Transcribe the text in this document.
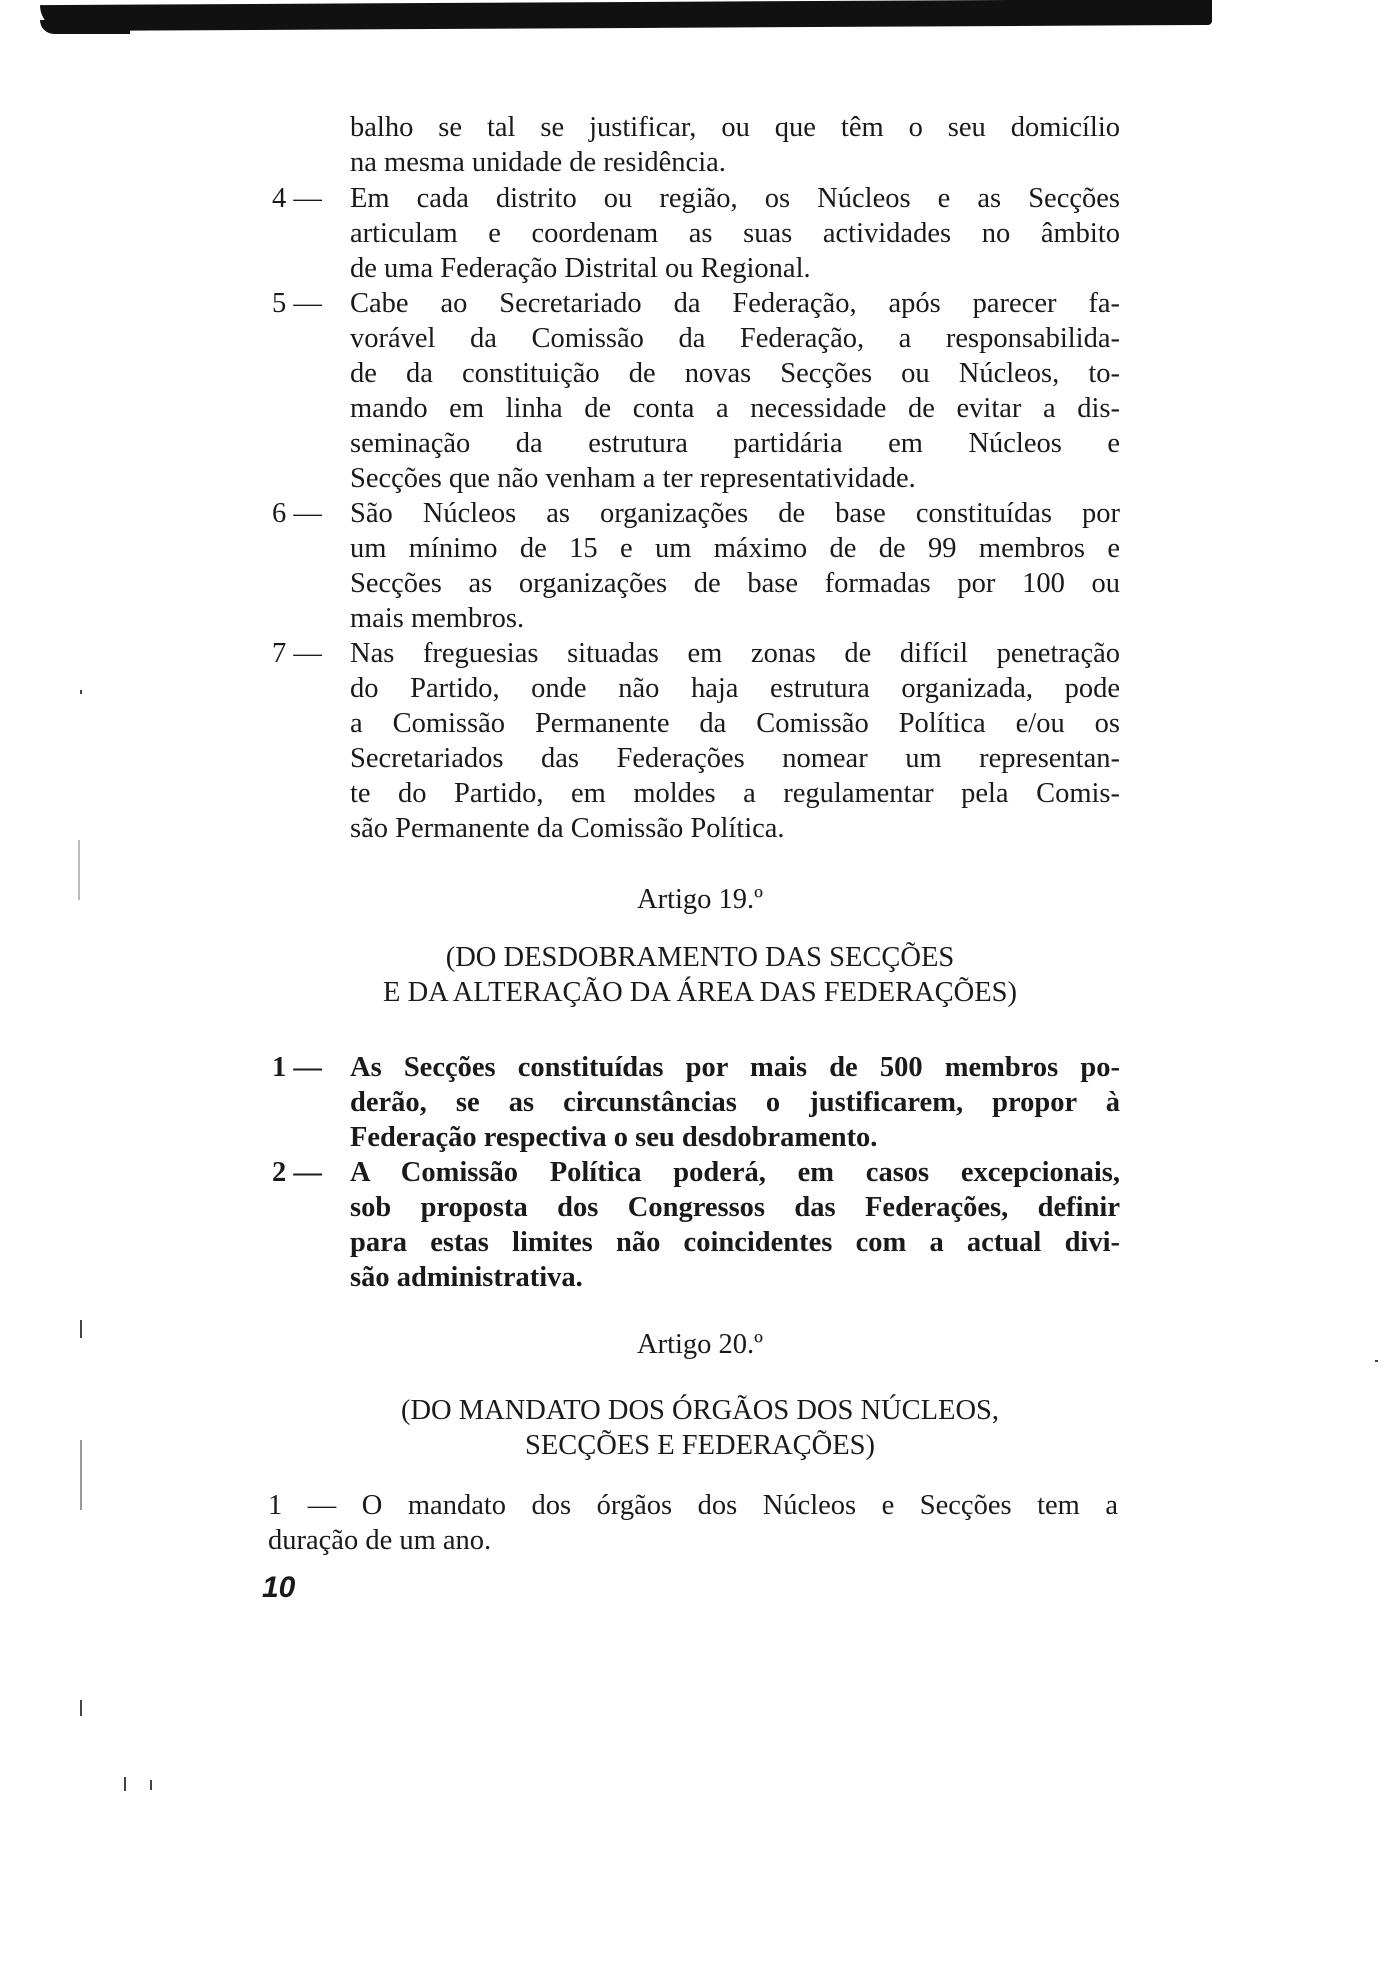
balho se tal se justificar, ou que têm o seu domicílio
na mesma unidade de residência.
4 — Em cada distrito ou região, os Núcleos e as Secções
articulam e coordenam as suas actividades no âmbito
de uma Federação Distrital ou Regional.
5 — Cabe ao Secretariado da Federação, após parecer fa-
vorável da Comissão da Federação, a responsabilida-
de da constituição de novas Secções ou Núcleos, to-
mando em linha de conta a necessidade de evitar a dis-
seminação da estrutura partidária em Núcleos e
Secções que não venham a ter representatividade.
6 — São Núcleos as organizações de base constituídas por
um mínimo de 15 e um máximo de de 99 membros e
Secções as organizações de base formadas por 100 ou
mais membros.
7 — Nas freguesias situadas em zonas de difícil penetração
do Partido, onde não haja estrutura organizada, pode
a Comissão Permanente da Comissão Política e/ou os
Secretariados das Federações nomear um representan-
te do Partido, em moldes a regulamentar pela Comis-
são Permanente da Comissão Política.
Artigo 19.º
(DO DESDOBRAMENTO DAS SECÇÕES
E DA ALTERAÇÃO DA ÁREA DAS FEDERAÇÕES)
1 — As Secções constituídas por mais de 500 membros po-
derão, se as circunstâncias o justificarem, propor à
Federação respectiva o seu desdobramento.
2 — A Comissão Política poderá, em casos excepcionais,
sob proposta dos Congressos das Federações, definir
para estas limites não coincidentes com a actual divi-
são administrativa.
Artigo 20.º
(DO MANDATO DOS ÓRGÃOS DOS NÚCLEOS,
SECÇÕES E FEDERAÇÕES)
1 — O mandato dos órgãos dos Núcleos e Secções tem a
duração de um ano.
10
